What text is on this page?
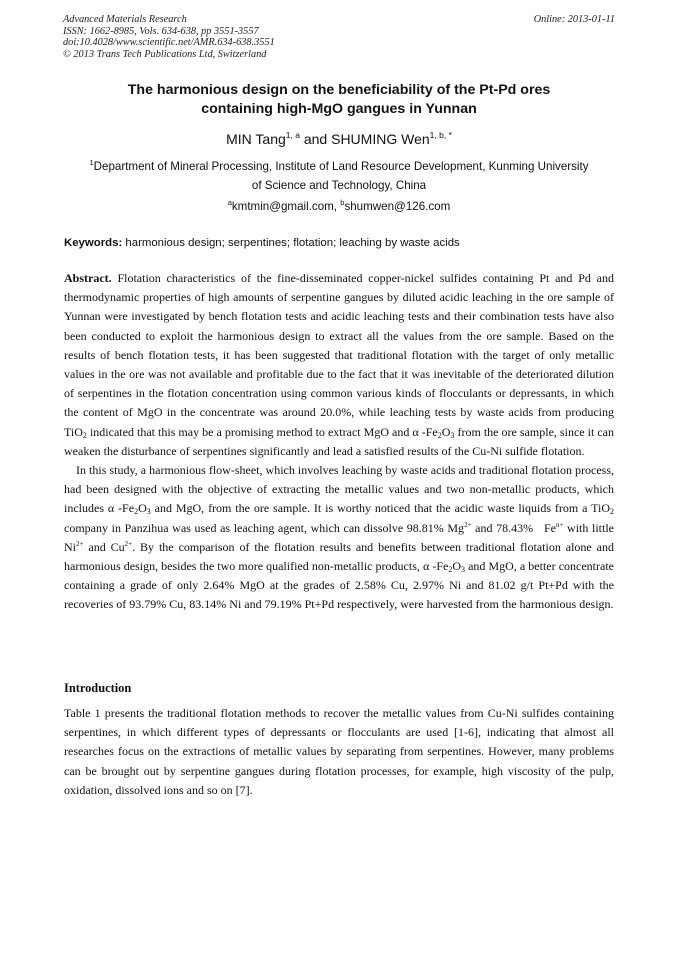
Advanced Materials Research
ISSN: 1662-8985, Vols. 634-638, pp 3551-3557
doi:10.4028/www.scientific.net/AMR.634-638.3551
© 2013 Trans Tech Publications Ltd, Switzerland
Online: 2013-01-11
The harmonious design on the beneficiability of the Pt-Pd ores
containing high-MgO gangues in Yunnan
MIN Tang$^{1, a}$ and SHUMING Wen$^{1, b, *}$
$^1$Department of Mineral Processing, Institute of Land Resource Development, Kunming University
of Science and Technology, China
$^a$kmtmin@gmail.com, $^b$shumwen@126.com
Keywords: harmonious design; serpentines; flotation; leaching by waste acids

Abstract. Flotation characteristics of the fine-disseminated copper-nickel sulfides containing Pt and Pd and thermodynamic properties of high amounts of serpentine gangues by diluted acidic leaching in the ore sample of Yunnan were investigated by bench flotation tests and acidic leaching tests and their combination tests have also been conducted to exploit the harmonious design to extract all the values from the ore sample. Based on the results of bench flotation tests, it has been suggested that traditional flotation with the target of only metallic values in the ore was not available and profitable due to the fact that it was inevitable of the deteriorated dilution of serpentines in the flotation concentration using common various kinds of flocculants or depressants, in which the content of MgO in the concentrate was around 20.0%, while leaching tests by waste acids from producing TiO$_2$ indicated that this may be a promising method to extract MgO and α $-Fe_2O_3$ from the ore sample, since it can weaken the disturbance of serpentines significantly and lead a satisfied results of the Cu-Ni sulfide flotation.

In this study, a harmonious flow-sheet, which involves leaching by waste acids and traditional flotation process, had been designed with the objective of extracting the metallic values and two non-metallic products, which includes α $-Fe_2O_3$ and MgO, from the ore sample. It is worthy noticed that the acidic waste liquids from a TiO$_2$ company in Panzihua was used as leaching agent, which can dissolve 98.81% $Mg^{2+}$ and 78.43%   $Fe^{n+}$ with little $Ni^{2+}$ and $Cu^{2+}$. By the comparison of the flotation results and benefits between traditional flotation alone and harmonious design, besides the two more qualified non-metallic products, α $-Fe_2O_3$ and MgO, a better concentrate containing a grade of only 2.64% MgO at the grades of 2.58% Cu, 2.97% Ni and 81.02 g/t Pt+Pd with the recoveries of 93.79% Cu, 83.14% Ni and 79.19% Pt+Pd respectively, were harvested from the harmonious design.

Introduction

Table 1 presents the traditional flotation methods to recover the metallic values from Cu-Ni sulfides containing serpentines, in which different types of depressants or flocculants are used [1-6], indicating that almost all researches focus on the extractions of metallic values by separating from serpentines. However, many problems can be brought out by serpentine gangues during flotation processes, for example, high viscosity of the pulp, oxidation, dissolved ions and so on [7].
